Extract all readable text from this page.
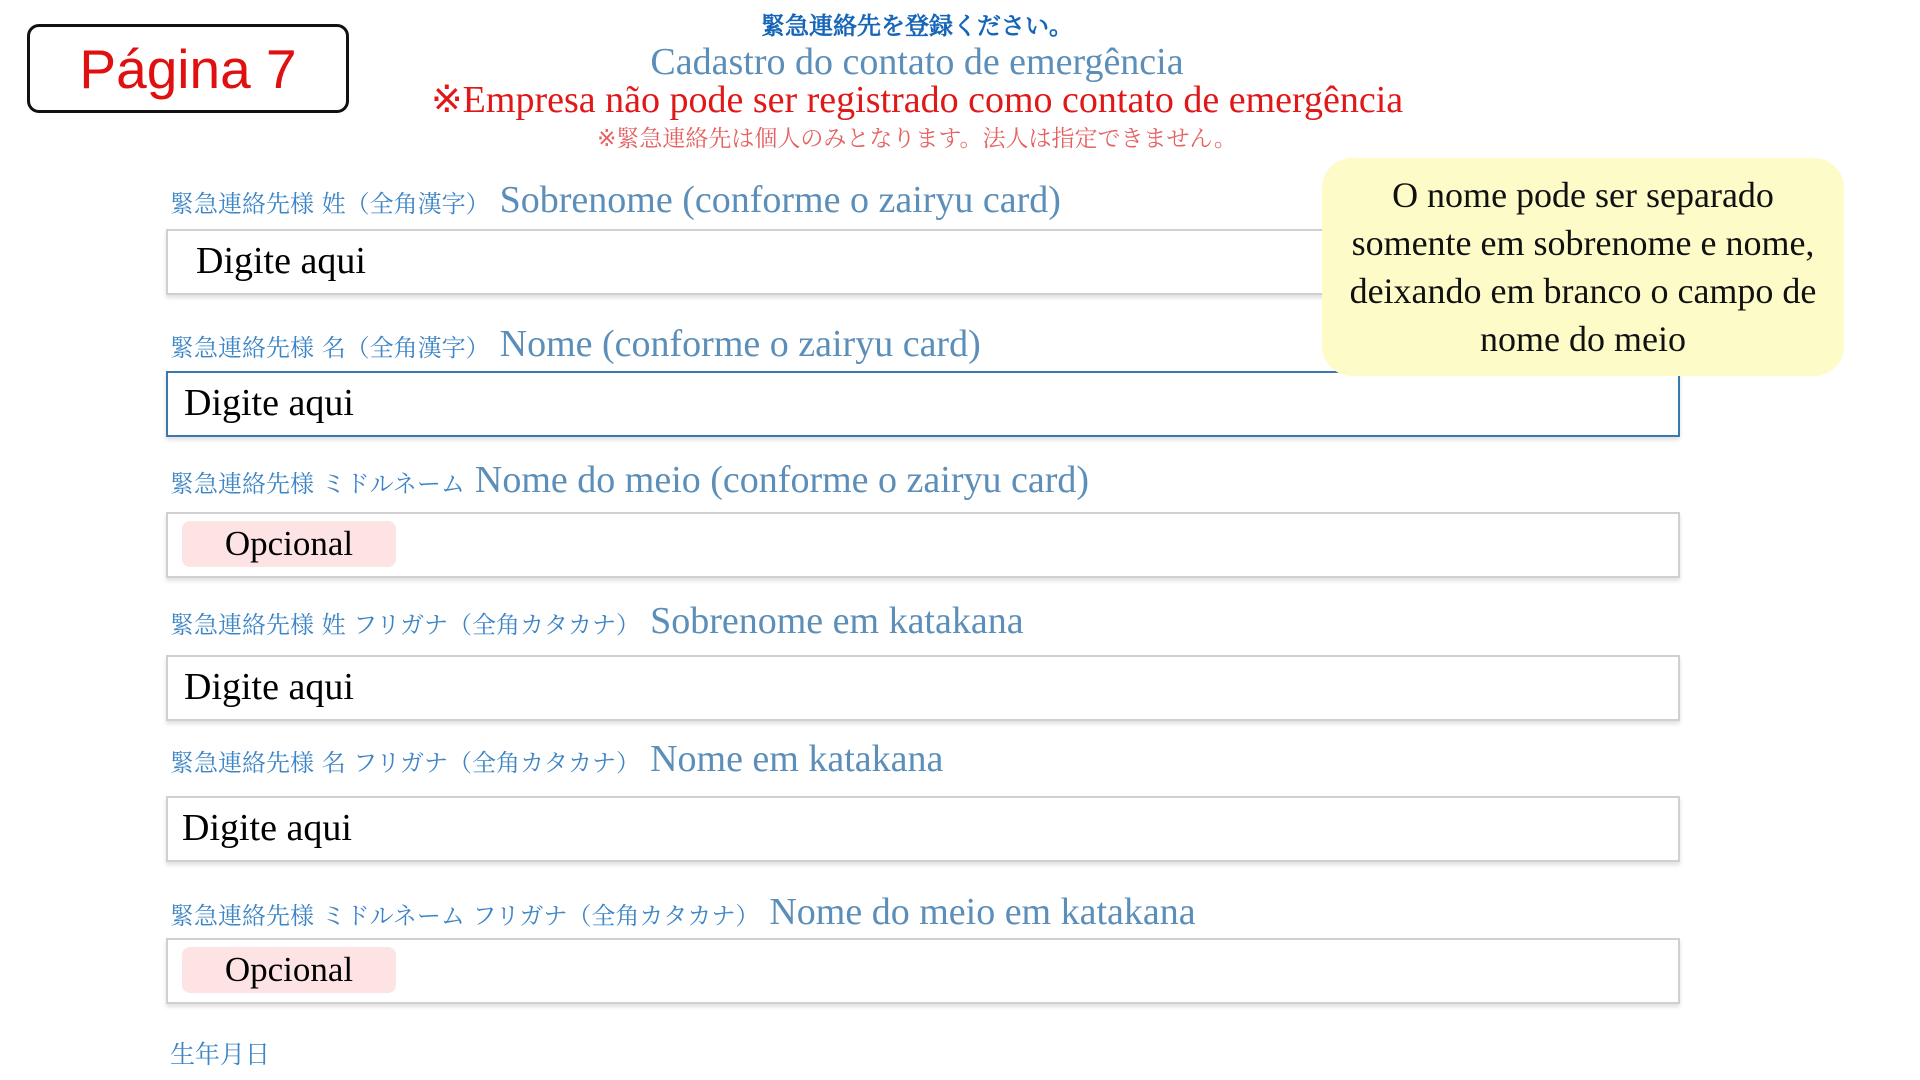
Página 7
緊急連絡先を登録ください。
Cadastro do contato de emergência
※Empresa não pode ser registrado como contato de emergência
※緊急連絡先は個人のみとなります。法人は指定できません。
緊急連絡先様 姓（全角漢字） Sobrenome (conforme o zairyu card)
Digite aqui
緊急連絡先様 名（全角漢字） Nome (conforme o zairyu card)
Digite aqui
緊急連絡先様 ミドルネーム Nome do meio (conforme o zairyu card)
Opcional
緊急連絡先様 姓 フリガナ（全角カタカナ） Sobrenome em katakana
Digite aqui
緊急連絡先様 名 フリガナ（全角カタカナ） Nome em katakana
Digite aqui
緊急連絡先様 ミドルネーム フリガナ（全角カタカナ） Nome do meio em katakana
Opcional
生年月日
O nome pode ser separado somente em sobrenome e nome, deixando em branco o campo de nome do meio
